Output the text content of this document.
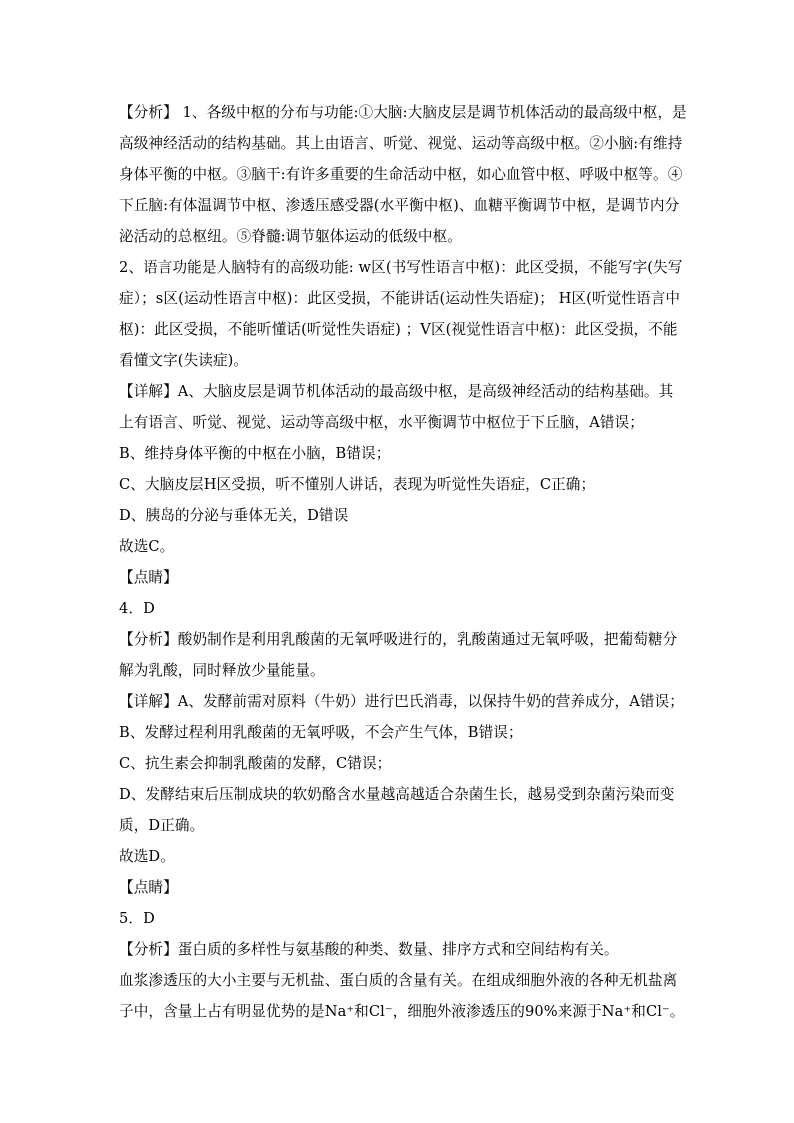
【分析】 1、各级中枢的分布与功能:①大脑:大脑皮层是调节机体活动的最高级中枢，是高级神经活动的结构基础。其上由语言、听觉、视觉、运动等高级中枢。②小脑:有维持身体平衡的中枢。③脑干:有许多重要的生命活动中枢，如心血管中枢、呼吸中枢等。④下丘脑:有体温调节中枢、渗透压感受器(水平衡中枢)、血糖平衡调节中枢，是调节内分泌活动的总枢纽。⑤脊髓:调节躯体运动的低级中枢。

2、语言功能是人脑特有的高级功能: w区(书写性语言中枢)：此区受损，不能写字(失写症）；s区(运动性语言中枢)：此区受损，不能讲话(运动性失语症)； H区(听觉性语言中枢)：此区受损，不能听懂话(听觉性失语症) ；V区(视觉性语言中枢)：此区受损，不能看懂文字(失读症)。

【详解】A、大脑皮层是调节机体活动的最高级中枢，是高级神经活动的结构基础。其上有语言、听觉、视觉、运动等高级中枢，水平衡调节中枢位于下丘脑，A错误；

B、维持身体平衡的中枢在小脑，B错误；

C、大脑皮层H区受损，听不懂别人讲话，表现为听觉性失语症，C正确；

D、胰岛的分泌与垂体无关，D错误

故选C。

【点睛】

4．D

【分析】酸奶制作是利用乳酸菌的无氧呼吸进行的，乳酸菌通过无氧呼吸，把葡萄糖分解为乳酸，同时释放少量能量。

【详解】A、发酵前需对原料（牛奶）进行巴氏消毒，以保持牛奶的营养成分，A错误；

B、发酵过程利用乳酸菌的无氧呼吸，不会产生气体，B错误；

C、抗生素会抑制乳酸菌的发酵，C错误；

D、发酵结束后压制成块的软奶酪含水量越高越适合杂菌生长，越易受到杂菌污染而变质，D正确。

故选D。

【点睛】

5．D

【分析】蛋白质的多样性与氨基酸的种类、数量、排序方式和空间结构有关。

血浆渗透压的大小主要与无机盐、蛋白质的含量有关。在组成细胞外液的各种无机盐离子中，含量上占有明显优势的是Na⁺和Cl⁻，细胞外液渗透压的90%来源于Na⁺和Cl⁻。
